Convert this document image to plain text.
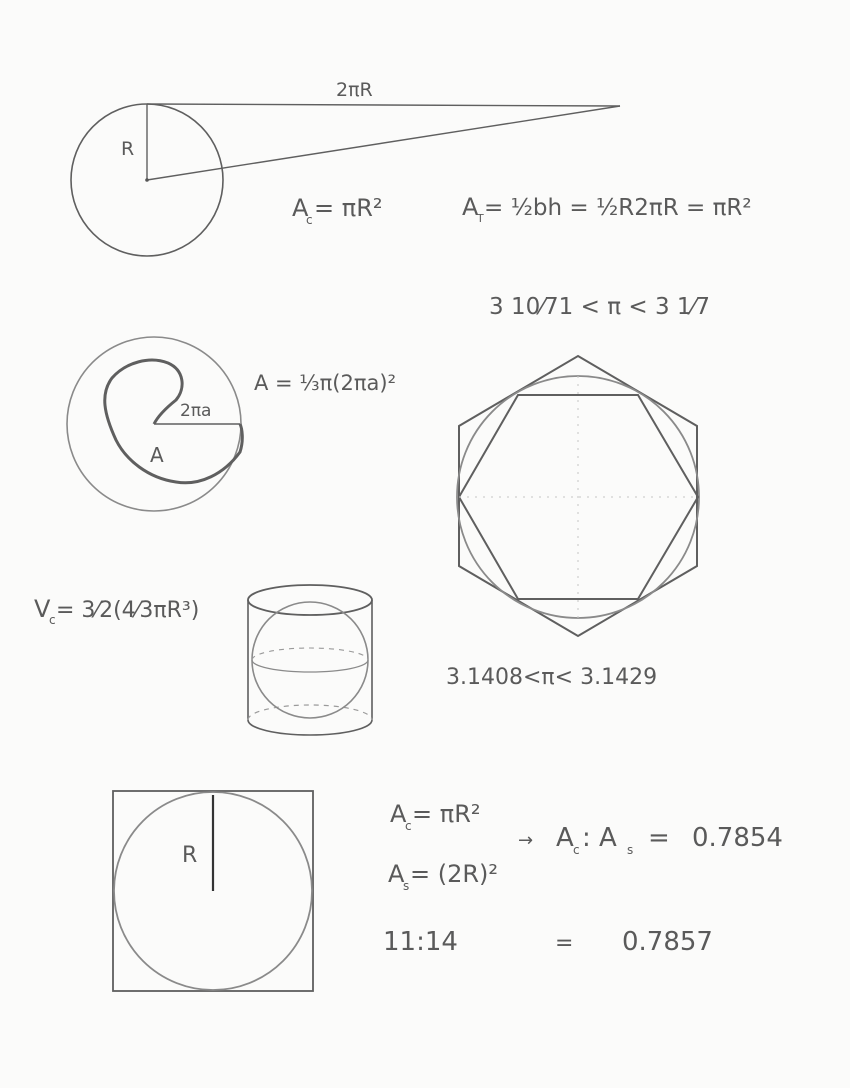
2πR
R
A
c = πR²	A
T = ½bh = ½R2πR = πR²
2πa
A
A = ⅓π(2πa)²
3 10⁄71 < π < 3 1⁄7
3.1408<π< 3.1429
V
c = 3⁄2(4⁄3πR³)
R
A
c = πR²
A
s = (2R)²
→ A c : A s = 0.7854
11:14	= 0.7857
